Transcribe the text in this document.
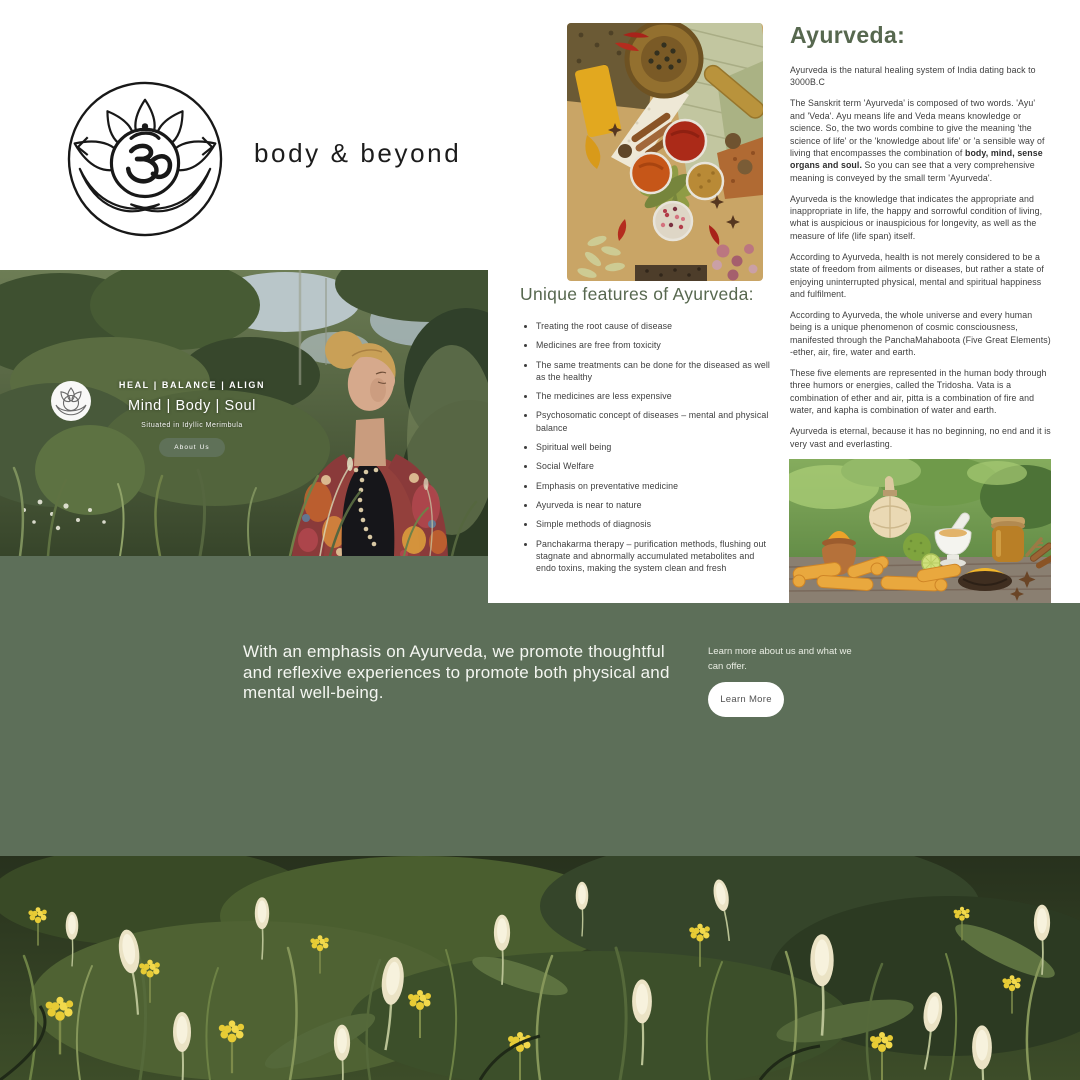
body & beyond
HEAL | BALANCE | ALIGN
Mind | Body | Soul
Situated in Idyllic Merimbula
About Us
With an emphasis on Ayurveda, we promote thoughtful and reflexive experiences to promote both physical and mental well-being.
Learn more about us and what we can offer.
Learn More
Ayurveda:

Ayurveda is the natural healing system of India dating back to 3000B.C

The Sanskrit term 'Ayurveda' is composed of two words. 'Ayu' and 'Veda'. Ayu means life and Veda means knowledge or science. So, the two words combine to give the meaning 'the science of life' or the 'knowledge about life' or 'a sensible way of living that encompasses the combination of body, mind, sense organs and soul. So you can see that a very comprehensive meaning is conveyed by the small term 'Ayurveda'.

Ayurveda is the knowledge that indicates the appropriate and inappropriate in life, the happy and sorrowful condition of living, what is auspicious or inauspicious for longevity, as well as the measure of life (life span) itself.

According to Ayurveda, health is not merely considered to be a state of freedom from ailments or diseases, but rather a state of enjoying uninterrupted physical, mental and spiritual happiness and fulfilment.

According to Ayurveda, the whole universe and every human being is a unique phenomenon of cosmic consciousness, manifested through the PanchaMahaboota (Five Great Elements) -ether, air, fire, water and earth.

These five elements are represented in the human body through three humors or energies, called the Tridosha. Vata is a combination of ether and air, pitta is a combination of fire and water, and kapha is combination of water and earth.

Ayurveda is eternal, because it has no beginning, no end and it is very vast and everlasting.

Unique features of Ayurveda:
• Treating the root cause of disease
• Medicines are free from toxicity
• The same treatments can be done for the diseased as well as the healthy
• The medicines are less expensive
• Psychosomatic concept of diseases – mental and physical balance
• Spiritual well being
• Social Welfare
• Emphasis on preventative medicine
• Ayurveda is near to nature
• Simple methods of diagnosis
• Panchakarma therapy – purification methods, flushing out stagnate and abnormally accumulated metabolites and endo toxins, making the system clean and fresh
